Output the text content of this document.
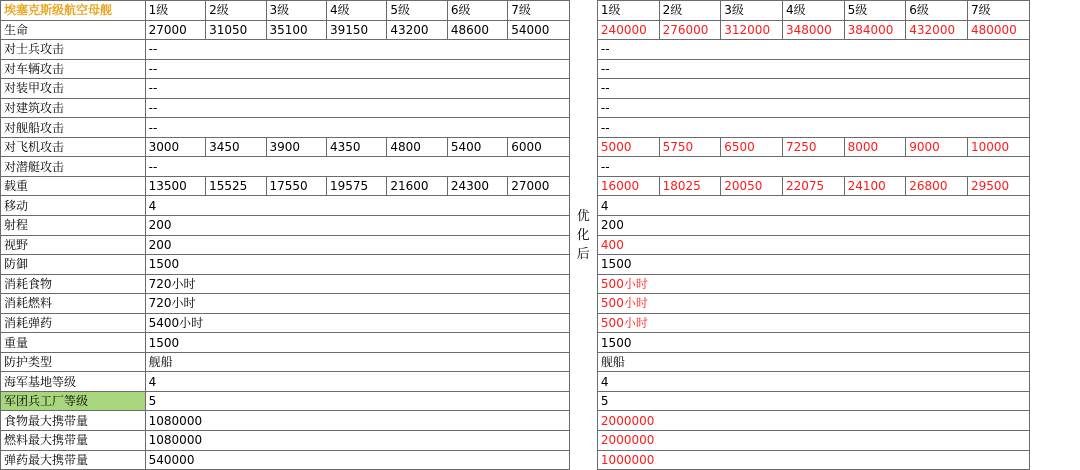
埃塞克斯级航空母舰	1级	2级	3级	4级	5级	6级	7级	优化后	1级	2级	3级	4级	5级	6级	7级
生命	27000	31050	35100	39150	43200	48600	54000		240000	276000	312000	348000	384000	432000	480000
对士兵攻击	--								--						
对车辆攻击	--								--						
对装甲攻击	--								--						
对建筑攻击	--								--						
对舰船攻击	--								--						
对飞机攻击	3000	3450	3900	4350	4800	5400	6000		5000	5750	6500	7250	8000	9000	10000
对潜艇攻击	--								--						
载重	13500	15525	17550	19575	21600	24300	27000		16000	18025	20050	22075	24100	26800	29500
移动	4								4						
射程	200								200						
视野	200								400						
防御	1500								1500						
消耗食物	720小时								500小时						
消耗燃料	720小时								500小时						
消耗弹药	5400小时								500小时						
重量	1500								1500						
防护类型	舰船								舰船						
海军基地等级	4								4						
军团兵工厂等级	5								5						
食物最大携带量	1080000								2000000						
燃料最大携带量	1080000								2000000						
弹药最大携带量	540000								1000000						
